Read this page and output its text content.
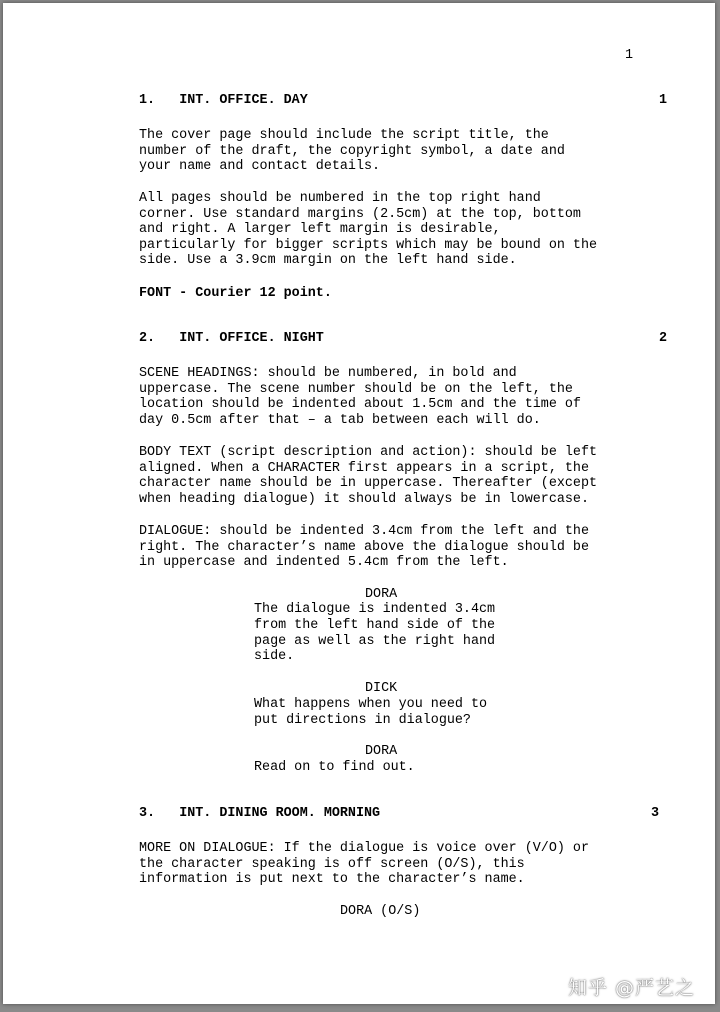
1
1. INT. OFFICE. DAY	1
The cover page should include the script title, the
number of the draft, the copyright symbol, a date and
your name and contact details.
All pages should be numbered in the top right hand
corner. Use standard margins (2.5cm) at the top, bottom
and right. A larger left margin is desirable,
particularly for bigger scripts which may be bound on the
side. Use a 3.9cm margin on the left hand side.
FONT - Courier 12 point.
2. INT. OFFICE. NIGHT	2
SCENE HEADINGS: should be numbered, in bold and
uppercase. The scene number should be on the left, the
location should be indented about 1.5cm and the time of
day 0.5cm after that – a tab between each will do.
BODY TEXT (script description and action): should be left
aligned. When a CHARACTER first appears in a script, the
character name should be in uppercase. Thereafter (except
when heading dialogue) it should always be in lowercase.
DIALOGUE: should be indented 3.4cm from the left and the
right. The character’s name above the dialogue should be
in uppercase and indented 5.4cm from the left.
DORA
The dialogue is indented 3.4cm
from the left hand side of the
page as well as the right hand
side.
DICK
What happens when you need to
put directions in dialogue?
DORA
Read on to find out.
3. INT. DINING ROOM. MORNING	3
MORE ON DIALOGUE: If the dialogue is voice over (V/O) or
the character speaking is off screen (O/S), this
information is put next to the character’s name.
DORA (O/S)
知乎 @严艺之
